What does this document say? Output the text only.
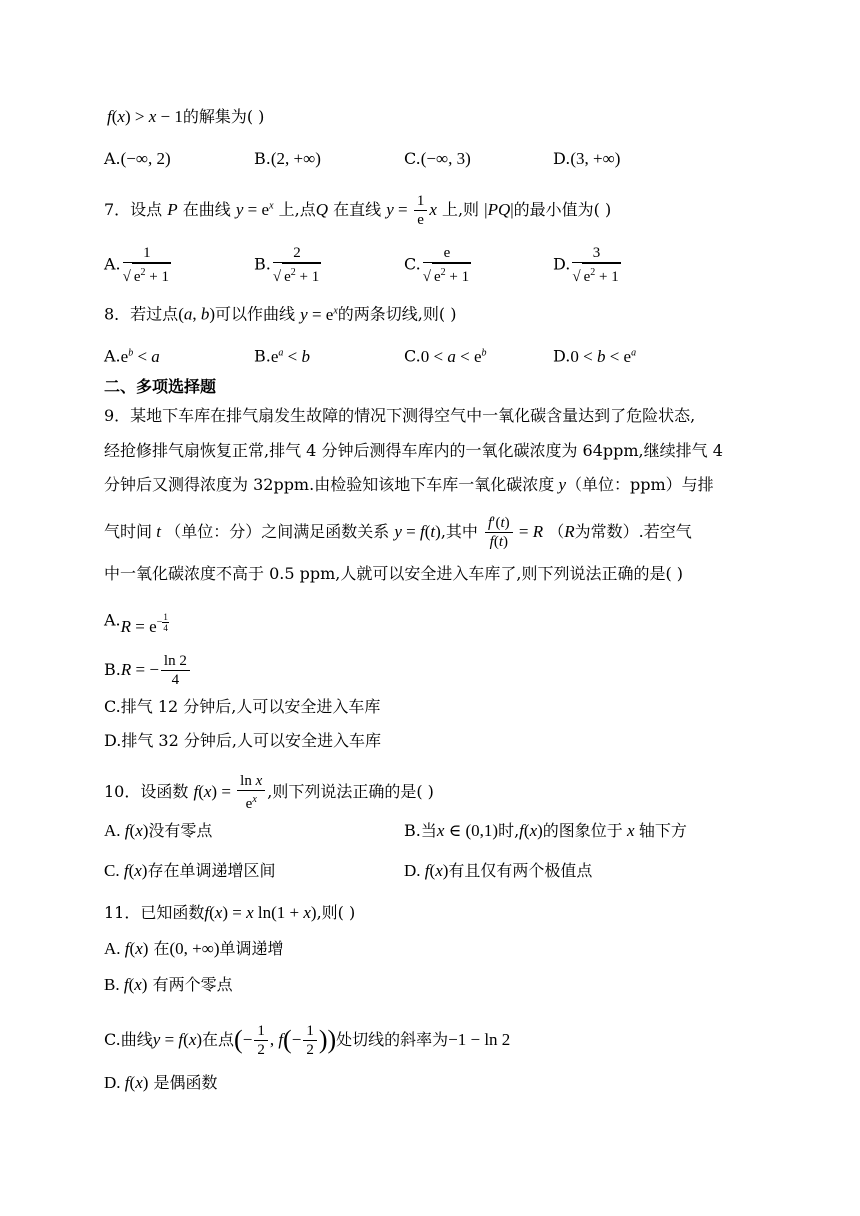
f(x) > x − 1的解集为( )
A.(−∞, 2)	B.(2, +∞)	C.(−∞, 3)	D.(3, +∞)
7．设点 P 在曲线 $y = e^x$ 上,点Q 在直线 $y = \frac{1}{e}$ x 上,则 |PQ|的最小值为( )
A. $\frac{1}{√ e^2 + 1}$	B. $\frac{2}{√ e^2 + 1}$	C. $\frac{e}{√ e^2 + 1}$	D. $\frac{3}{√ e^2 + 1}$
8．若过点(a, b)可以作曲线 $y = e^x$的两条切线,则( )
$A.e^b < a$	$B.e^a < b$	$C.0 < a < e^b$	$D.0 < b < e^a$
二、多项选择题
9．某地下车库在排气扇发生故障的情况下测得空气中一氧化碳含量达到了危险状态,
经抢修排气扇恢复正常,排气 4 分钟后测得车库内的一氧化碳浓度为 64ppm,继续排气 4
分钟后又测得浓度为 32ppm.由检验知该地下车库一氧化碳浓度 y（单位：ppm）与排
气时间 t （单位：分）之间满足函数关系 y = f(t),其中 $\frac{f'(t)}{f(t)} = R$ （R为常数）.若空气
中一氧化碳浓度不高于 0.5 ppm,人就可以安全进入车库了,则下列说法正确的是( )
$A.R = e^{- \frac{1}{4}}$
B.R = − $\frac{\ln 2}{4}$
C.排气 12 分钟后,人可以安全进入车库
D.排气 32 分钟后,人可以安全进入车库
10．设函数 $f(x) = \frac{\text{ln x}}{e^x}$ ,则下列说法正确的是( )
A. f(x)没有零点	B.当x ∈ (0,1)时,f(x)的图象位于 x 轴下方
C. f(x)存在单调递增区间	D. f(x)有且仅有两个极值点
11．已知函数f(x) = x ln(1 + x),则( )
A. f(x) 在(0, +∞)单调递增
B. f(x) 有两个零点
C.曲线y = f(x)在点(− $\frac{1}{2}$ , $f(- \frac{1}{2}$ ))处切线的斜率为−1 − ln 2
D. f(x) 是偶函数
